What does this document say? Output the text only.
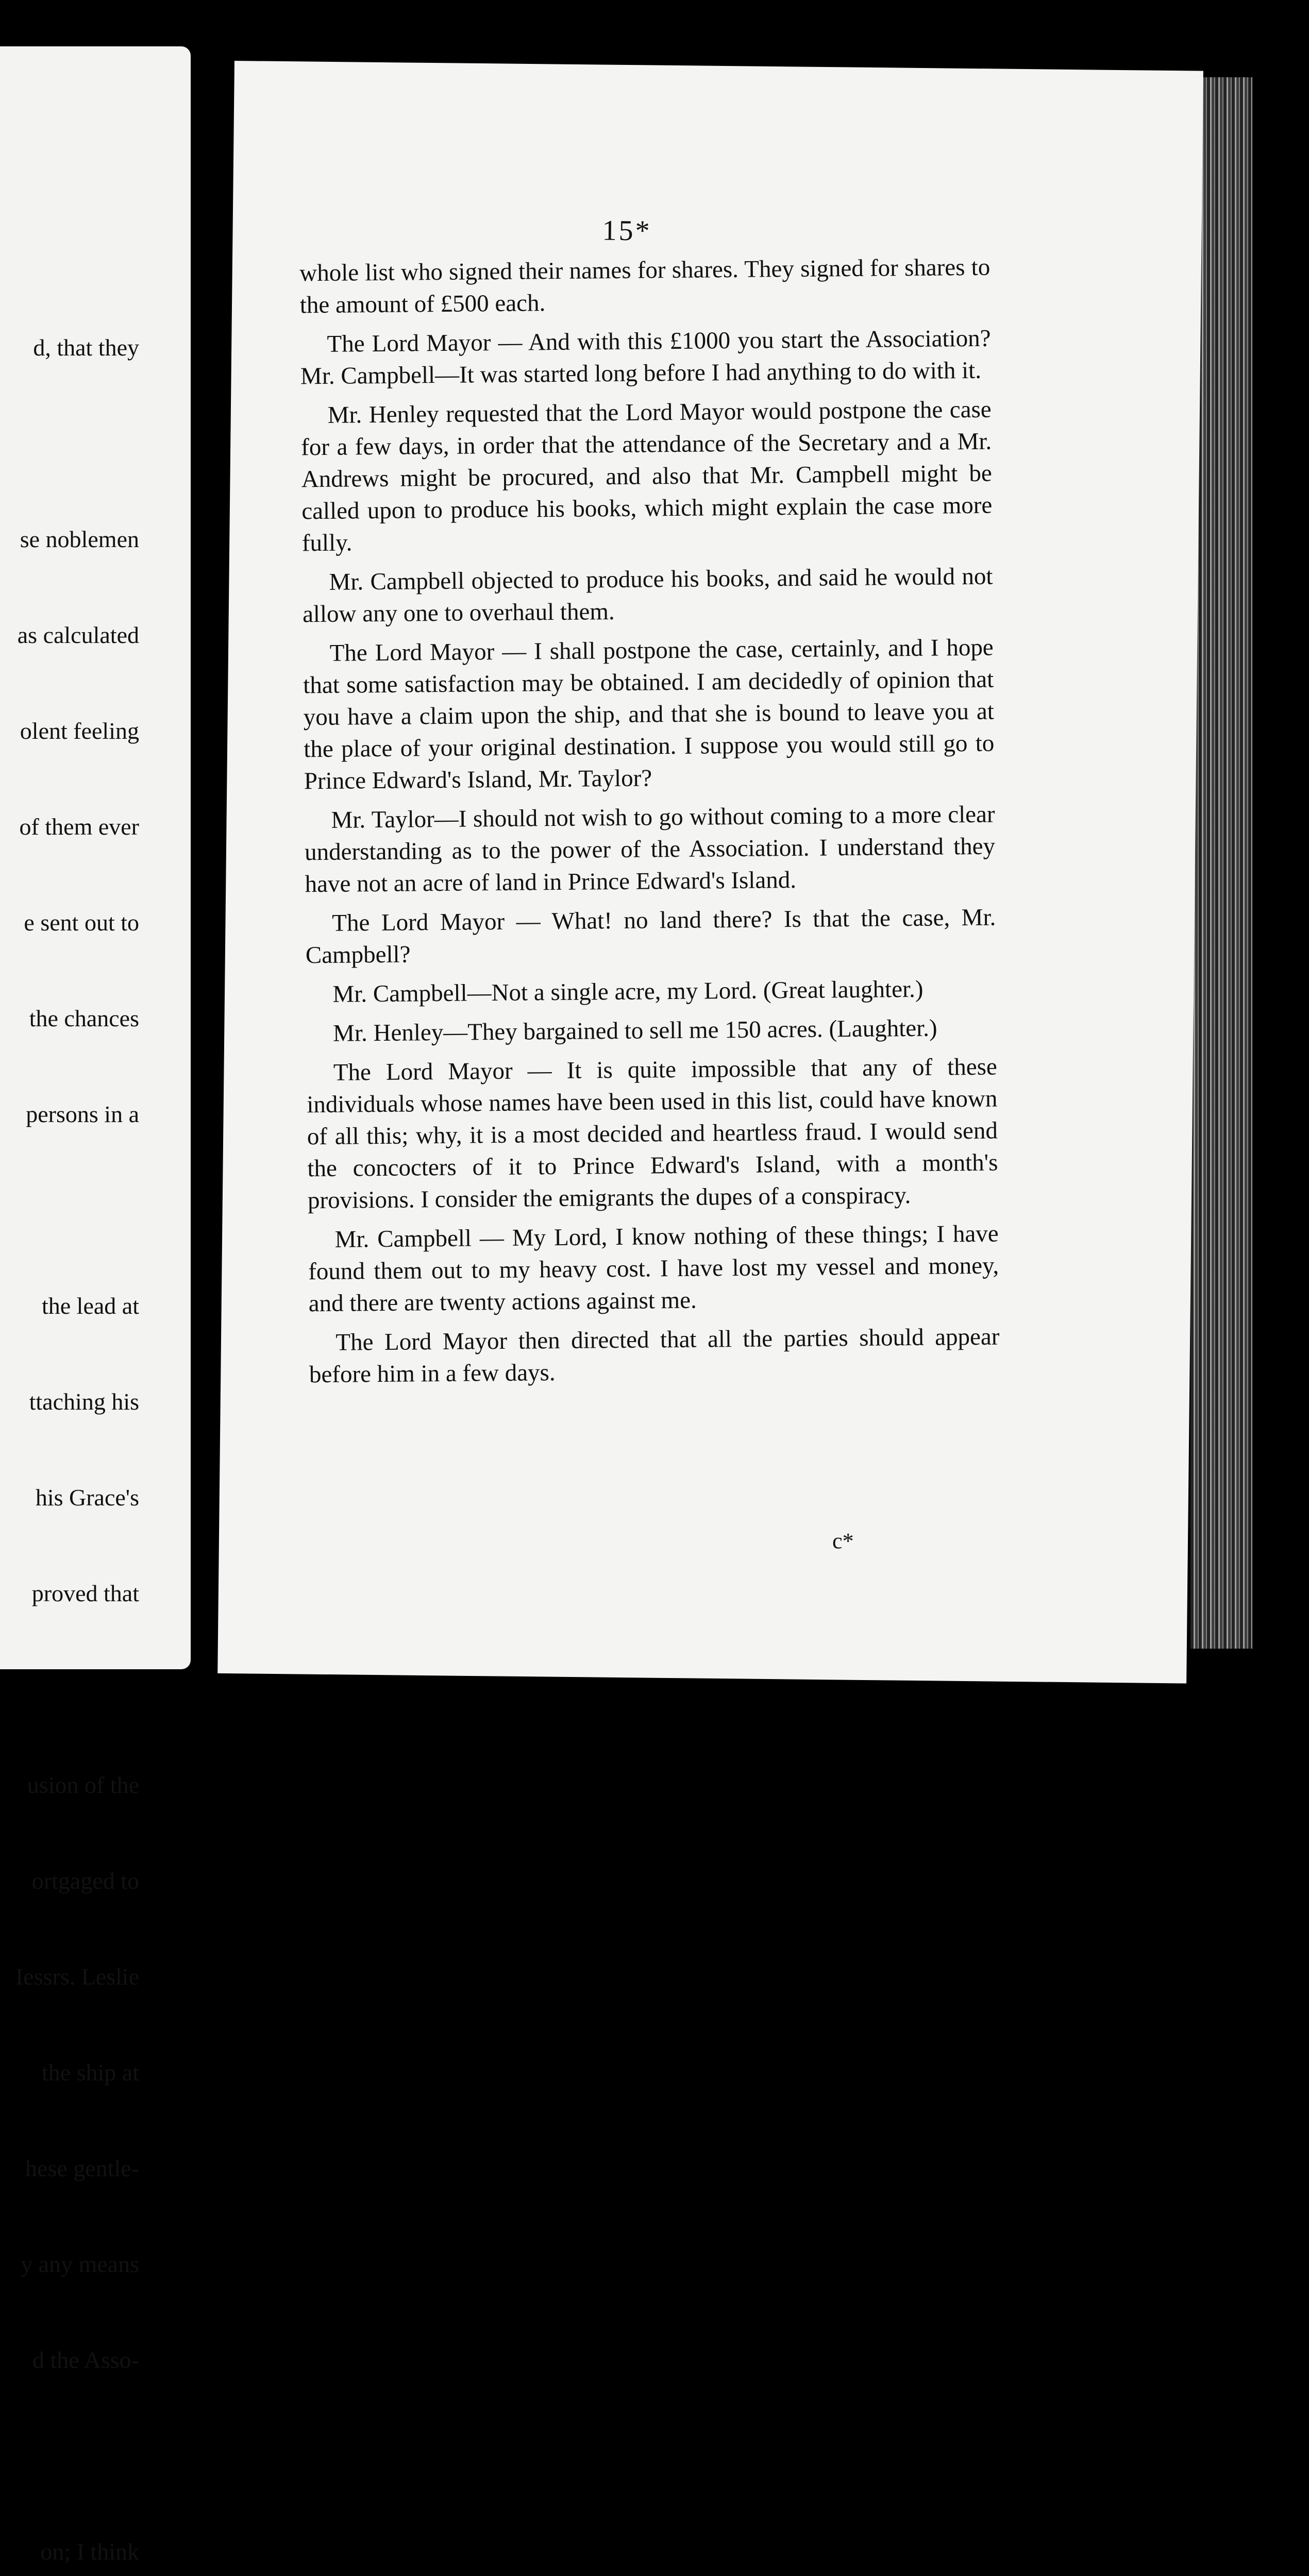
d, that they

se noblemen

as calculated

olent feeling

of them ever

e sent out to

the chances

persons in a

the lead at

ttaching his

his Grace's

proved that

usion of the

ortgaged to

Iessrs. Leslie

the ship at

hese gentle-

y any means

d the Asso-

on; I think

15*

whole list who signed their names for shares. They signed for shares to the amount of £500 each.

The Lord Mayor — And with this £1000 you start the Association? Mr. Campbell—It was started long before I had anything to do with it.

Mr. Henley requested that the Lord Mayor would postpone the case for a few days, in order that the attendance of the Secretary and a Mr. Andrews might be procured, and also that Mr. Campbell might be called upon to produce his books, which might explain the case more fully.

Mr. Campbell objected to produce his books, and said he would not allow any one to overhaul them.

The Lord Mayor — I shall postpone the case, certainly, and I hope that some satisfaction may be obtained. I am decidedly of opinion that you have a claim upon the ship, and that she is bound to leave you at the place of your original destination. I suppose you would still go to Prince Edward's Island, Mr. Taylor?

Mr. Taylor—I should not wish to go without coming to a more clear understanding as to the power of the Association. I understand they have not an acre of land in Prince Edward's Island.

The Lord Mayor — What! no land there? Is that the case, Mr. Campbell?

Mr. Campbell—Not a single acre, my Lord. (Great laughter.)

Mr. Henley—They bargained to sell me 150 acres. (Laughter.)

The Lord Mayor — It is quite impossible that any of these individuals whose names have been used in this list, could have known of all this; why, it is a most decided and heartless fraud. I would send the concocters of it to Prince Edward's Island, with a month's provisions. I consider the emigrants the dupes of a conspiracy.

Mr. Campbell — My Lord, I know nothing of these things; I have found them out to my heavy cost. I have lost my vessel and money, and there are twenty actions against me.

The Lord Mayor then directed that all the parties should appear before him in a few days.

c*
